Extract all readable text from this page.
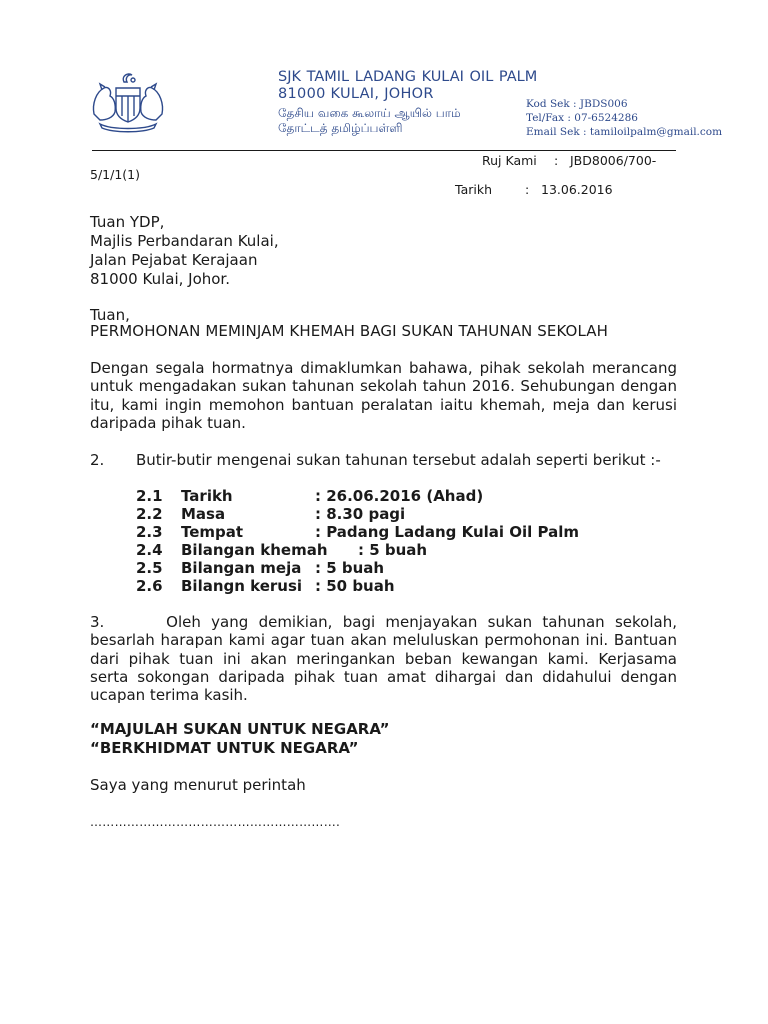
SJK TAMIL LADANG KULAI OIL PALM
81000 KULAI, JOHOR
தேசிய வகை கூலாய் ஆயில் பாம்
தோட்டத் தமிழ்ப்பள்ளி
Kod Sek : JBDS006
Tel/Fax : 07-6524286
Email Sek : tamiloilpalm@gmail.com
Ruj Kami : JBD8006/700-
5/1/1(1)
Tarikh	: 13.06.2016
Tuan YDP,
Majlis Perbandaran Kulai,
Jalan Pejabat Kerajaan
81000 Kulai, Johor.
Tuan,
PERMOHONAN MEMINJAM KHEMAH BAGI SUKAN TAHUNAN SEKOLAH
Dengan segala hormatnya dimaklumkan bahawa, pihak sekolah merancang
untuk mengadakan sukan tahunan sekolah tahun 2016. Sehubungan dengan
itu, kami ingin memohon bantuan peralatan iaitu khemah, meja dan kerusi
daripada pihak tuan.
2. Butir-butir mengenai sukan tahunan tersebut adalah seperti berikut :-
2.1 Tarikh	: 26.06.2016 (Ahad)
2.2 Masa	: 8.30 pagi
2.3 Tempat	: Padang Ladang Kulai Oil Palm
2.4 Bilangan khemah : 5 buah
2.5 Bilangan meja : 5 buah
2.6 Bilangn kerusi : 50 buah
3.      Oleh yang demikian, bagi menjayakan sukan tahunan sekolah,
besarlah harapan kami agar tuan akan meluluskan permohonan ini. Bantuan
dari pihak tuan ini akan meringankan beban kewangan kami. Kerjasama
serta sokongan daripada pihak tuan amat dihargai dan didahului dengan
ucapan terima kasih.
“MAJULAH SUKAN UNTUK NEGARA”
“BERKHIDMAT UNTUK NEGARA”
Saya yang menurut perintah
…………………………………………………….
